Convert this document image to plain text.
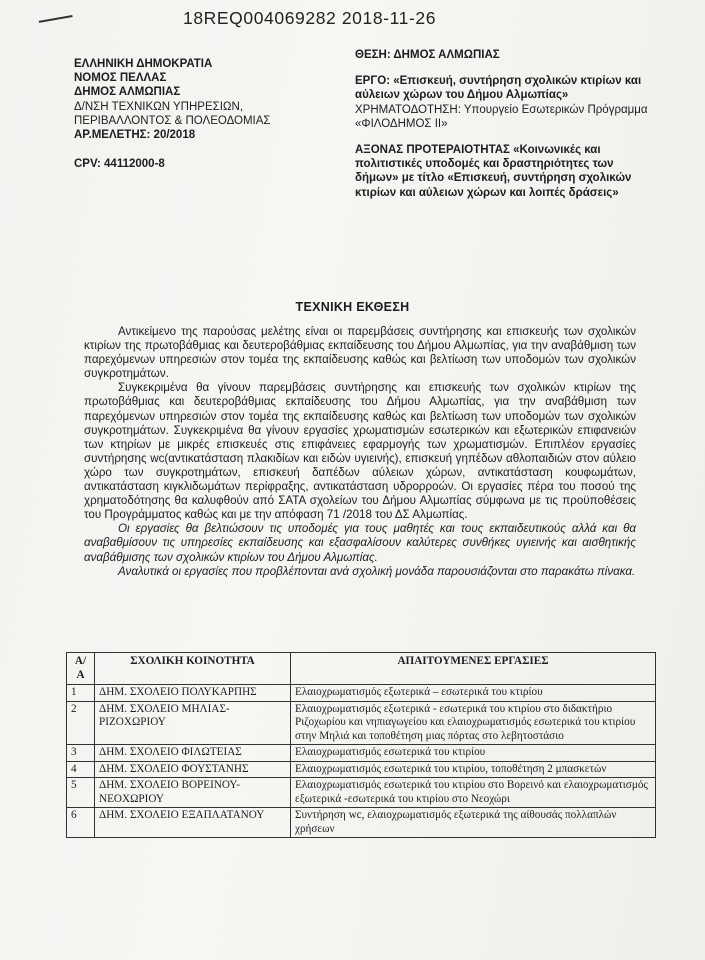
18REQ004069282 2018-11-26
ΕΛΛΗΝΙΚΗ ΔΗΜΟΚΡΑΤΙΑ
ΝΟΜΟΣ ΠΕΛΛΑΣ
ΔΗΜΟΣ ΑΛΜΩΠΙΑΣ
Δ/ΝΣΗ ΤΕΧΝΙΚΩΝ ΥΠΗΡΕΣΙΩΝ,
ΠΕΡΙΒΑΛΛΟΝΤΟΣ & ΠΟΛΕΟΔΟΜΙΑΣ
ΑΡ.ΜΕΛΕΤΗΣ: 20/2018
CPV: 44112000-8

ΘΕΣΗ: ΔΗΜΟΣ ΑΛΜΩΠΙΑΣ

ΕΡΓΟ: «Επισκευή, συντήρηση σχολικών κτιρίων και αύλειων χώρων του Δήμου Αλμωπίας»

ΧΡΗΜΑΤΟΔΟΤΗΣΗ: Υπουργείο Εσωτερικών Πρόγραμμα «ΦΙΛΟΔΗΜΟΣ ΙΙ»

ΑΞΟΝΑΣ ΠΡΟΤΕΡΑΙΟΤΗΤΑΣ «Κοινωνικές και πολιτιστικές υποδομές και δραστηριότητες των δήμων» με τίτλο «Επισκευή, συντήρηση σχολικών κτιρίων και αύλειων χώρων και λοιπές δράσεις»

ΤΕΧΝΙΚΗ ΕΚΘΕΣΗ

Αντικείμενο της παρούσας μελέτης είναι οι παρεμβάσεις συντήρησης και επισκευής των σχολικών κτιρίων της πρωτοβάθμιας και δευτεροβάθμιας εκπαίδευσης του Δήμου Αλμωπίας, για την αναβάθμιση των παρεχόμενων υπηρεσιών στον τομέα της εκπαίδευσης καθώς και βελτίωση των υποδομών των σχολικών συγκροτημάτων.

Συγκεκριμένα θα γίνουν παρεμβάσεις συντήρησης και επισκευής των σχολικών κτιρίων της πρωτοβάθμιας και δευτεροβάθμιας εκπαίδευσης του Δήμου Αλμωπίας, για την αναβάθμιση των παρεχόμενων υπηρεσιών στον τομέα της εκπαίδευσης καθώς και βελτίωση των υποδομών των σχολικών συγκροτημάτων. Συγκεκριμένα θα γίνουν εργασίες χρωματισμών εσωτερικών και εξωτερικών επιφανειών των κτηρίων με μικρές επισκευές στις επιφάνειες εφαρμογής των χρωματισμών. Επιπλέον εργασίες συντήρησης wc(αντικατάσταση πλακιδίων και ειδών υγιεινής), επισκευή γηπέδων αθλοπαιδιών στον αύλειο χώρο των συγκροτημάτων, επισκευή δαπέδων αύλειων χώρων, αντικατάσταση κουφωμάτων, αντικατάσταση κιγκλιδωμάτων περίφραξης, αντικατάσταση υδρορροών. Οι εργασίες πέρα του ποσού της χρηματοδότησης θα καλυφθούν από ΣΑΤΑ σχολείων του Δήμου Αλμωπίας σύμφωνα με τις προϋποθέσεις του Προγράμματος καθώς και με την απόφαση 71 /2018 του ΔΣ Αλμωπίας.

Οι εργασίες θα βελτιώσουν τις υποδομές για τους μαθητές και τους εκπαιδευτικούς αλλά και θα αναβαθμίσουν τις υπηρεσίες εκπαίδευσης και εξασφαλίσουν καλύτερες συνθήκες υγιεινής και αισθητικής αναβάθμισης των σχολικών κτιρίων του Δήμου Αλμωπίας.

Αναλυτικά οι εργασίες που προβλέπονται ανά σχολική μονάδα παρουσιάζονται στο παρακάτω πίνακα.

Α/Α	ΣΧΟΛΙΚΗ ΚΟΙΝΟΤΗΤΑ	ΑΠΑΙΤΟΥΜΕΝΕΣ ΕΡΓΑΣΙΕΣ
1	ΔΗΜ. ΣΧΟΛΕΙΟ ΠΟΛΥΚΑΡΠΗΣ	Ελαιοχρωματισμός εξωτερικά – εσωτερικά του κτιρίου
2	ΔΗΜ. ΣΧΟΛΕΙΟ ΜΗΛΙΑΣ-ΡΙΖΟΧΩΡΙΟΥ	Ελαιοχρωματισμός εξωτερικά - εσωτερικά του κτιρίου στο διδακτήριο Ριζοχωρίου και νηπιαγωγείου και ελαιοχρωματισμός εσωτερικά του κτιρίου στην Μηλιά και τοποθέτηση μιας πόρτας στο λεβητοστάσιο
3	ΔΗΜ. ΣΧΟΛΕΙΟ ΦΙΛΩΤΕΙΑΣ	Ελαιοχρωματισμός εσωτερικά του κτιρίου
4	ΔΗΜ. ΣΧΟΛΕΙΟ ΦΟΥΣΤΑΝΗΣ	Ελαιοχρωματισμός εσωτερικά του κτιρίου, τοποθέτηση 2 μπασκετών
5	ΔΗΜ. ΣΧΟΛΕΙΟ ΒΟΡΕΙΝΟΥ-ΝΕΟΧΩΡΙΟΥ	Ελαιοχρωματισμός εσωτερικά του κτιρίου στο Βορεινό και ελαιοχρωματισμός εξωτερικά -εσωτερικά του κτιρίου στο Νεοχώρι
6	ΔΗΜ. ΣΧΟΛΕΙΟ ΕΞΑΠΛΑΤΑΝΟΥ	Συντήρηση wc, ελαιοχρωματισμός εξωτερικά της αίθουσάς πολλαπλών χρήσεων
